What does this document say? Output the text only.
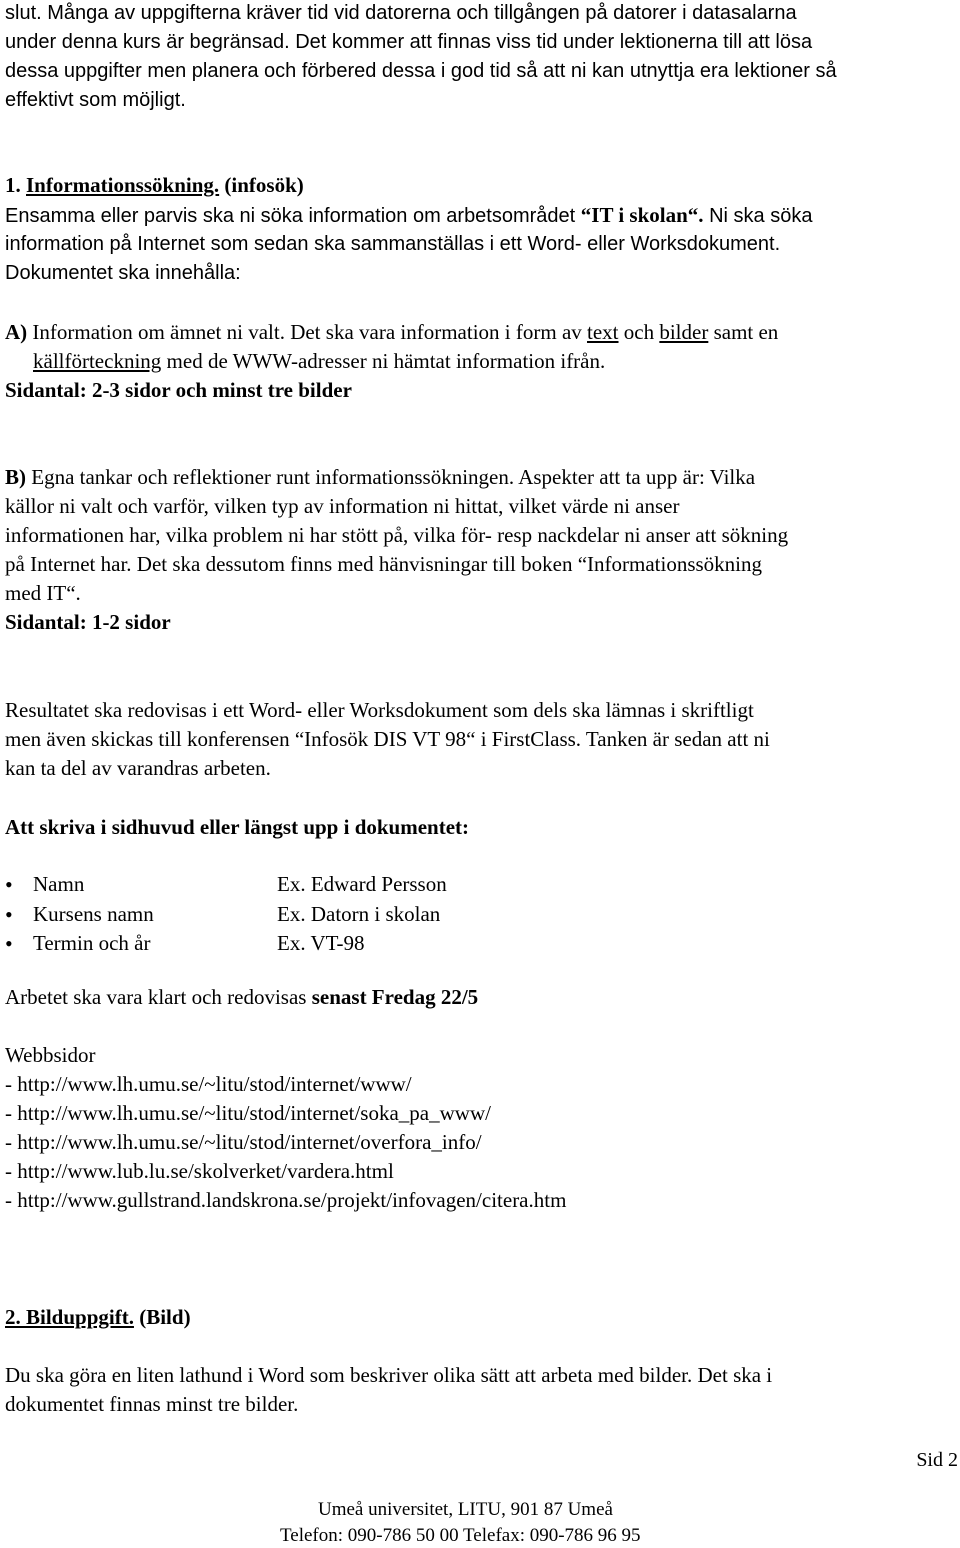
slut. Många av uppgifterna kräver tid vid datorerna och tillgången på datorer i datasalarna
under denna kurs är begränsad. Det kommer att finnas viss tid under lektionerna till att lösa
dessa uppgifter men planera och förbered dessa i god tid så att ni kan utnyttja era lektioner så
effektivt som möjligt.
1. Informationssökning. (infosök)
Ensamma eller parvis ska ni söka information om arbetsområdet “IT i skolan“. Ni ska söka
information på Internet som sedan ska sammanställas i ett Word- eller Worksdokument.
Dokumentet ska innehålla:
A) Information om ämnet ni valt. Det ska vara information i form av text och bilder samt en
källförteckning med de WWW-adresser ni hämtat information ifrån.
Sidantal: 2-3 sidor och minst tre bilder
B) Egna tankar och reflektioner runt informationssökningen. Aspekter att ta upp är: Vilka
källor ni valt och varför, vilken typ av information ni hittat, vilket värde ni anser
informationen har, vilka problem ni har stött på, vilka för- resp nackdelar ni anser att sökning
på Internet har. Det ska dessutom finns med hänvisningar till boken “Informationssökning
med IT“.
Sidantal: 1-2 sidor
Resultatet ska redovisas i ett Word- eller Worksdokument som dels ska lämnas i skriftligt
men även skickas till konferensen “Infosök DIS VT 98“ i FirstClass. Tanken är sedan att ni
kan ta del av varandras arbeten.
Att skriva i sidhuvud eller längst upp i dokumentet:
• Namn	Ex. Edward Persson
• Kursens namn	Ex. Datorn i skolan
• Termin och år	Ex. VT-98
Arbetet ska vara klart och redovisas senast Fredag 22/5
Webbsidor
- http://www.lh.umu.se/~litu/stod/internet/www/
- http://www.lh.umu.se/~litu/stod/internet/soka_pa_www/
- http://www.lh.umu.se/~litu/stod/internet/overfora_info/
- http://www.lub.lu.se/skolverket/vardera.html
- http://www.gullstrand.landskrona.se/projekt/infovagen/citera.htm
2. Bilduppgift. (Bild)
Du ska göra en liten lathund i Word som beskriver olika sätt att arbeta med bilder. Det ska i
dokumentet finnas minst tre bilder.
Sid 2
Umeå universitet, LITU, 901 87 Umeå
Telefon: 090-786 50 00 Telefax: 090-786 96 95
